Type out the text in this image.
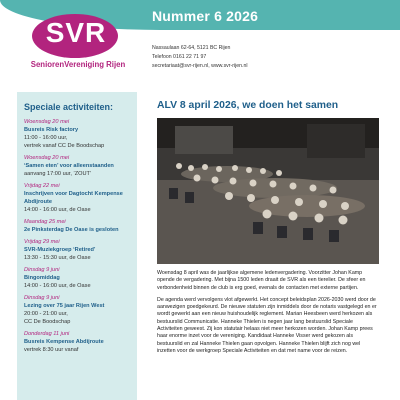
Nummer 6 2026
SVR
SeniorenVereniging Rijen
Nassaulaan 62-64, 5121 BC Rijen
Telefoon 0161 22 71 97
secretariaat@svr-rijen.nl, www.svr-rijen.nl
Speciale activiteiten:
Woensdag 20 mei
Busreis Risk factory
11:00 - 16:00 uur,
vertrek vanaf CC De Boodschap
Woensdag 20 mei
‘Samen eten’ voor alleenstaanden
aanvang 17:00 uur, ‘ZOUT’
Vrijdag 22 mei
Inschrijven voor Dagtocht Kempense Abdijroute
14:00 - 16:00 uur, de Oase
Maandag 25 mei
2e Pinksterdag De Oase is gesloten
Vrijdag 29 mei
SVR-Muziekgroep ‘Retired’
13:30 - 15:30 uur, de Oase
Dinsdag 9 juni
Bingomiddag
14:00 - 16:00 uur, de Oase
Dinsdag 9 juni
Lezing over 75 jaar Rijen West
20:00 - 21:00 uur,
CC De Boodschap
Donderdag 11 juni
Busreis Kempense Abdijroute
vertrek 8:30 uur vanaf
ALV 8 april 2026, we doen het samen

Woensdag 8 april was de jaarlijkse algemene ledenvergadering. Voorzitter Johan Kamp opende de vergadering. Met bijna 1500 leden draait de SVR als een tierelier. De sfeer en verbondenheid binnen de club is erg goed, evenals de contacten met externe partijen.

De agenda werd vervolgens vlot afgewerkt. Het concept beleidsplan 2026-2030 werd door de aanwezigen goedgekeurd. De nieuwe statuten zijn inmiddels door de notaris vastgelegd en er wordt gewerkt aan een nieuw huishoudelijk reglement. Marian Heesbeen werd herkozen als bestuurslid Communicatie. Hanneke Thielen is negen jaar lang bestuurslid Speciale Activiteiten geweest. Zij kon statutair helaas niet meer herkozen worden. Johan Kamp prees haar enorme inzet voor de vereniging. Kandidaat Hanneke Visser werd gekozen als bestuurslid en zal Hanneke Thielen gaan opvolgen. Hanneke Thielen blijft zich nog wel inzetten voor de werkgroep Speciale Activiteiten en dat met name voor de reizen.
